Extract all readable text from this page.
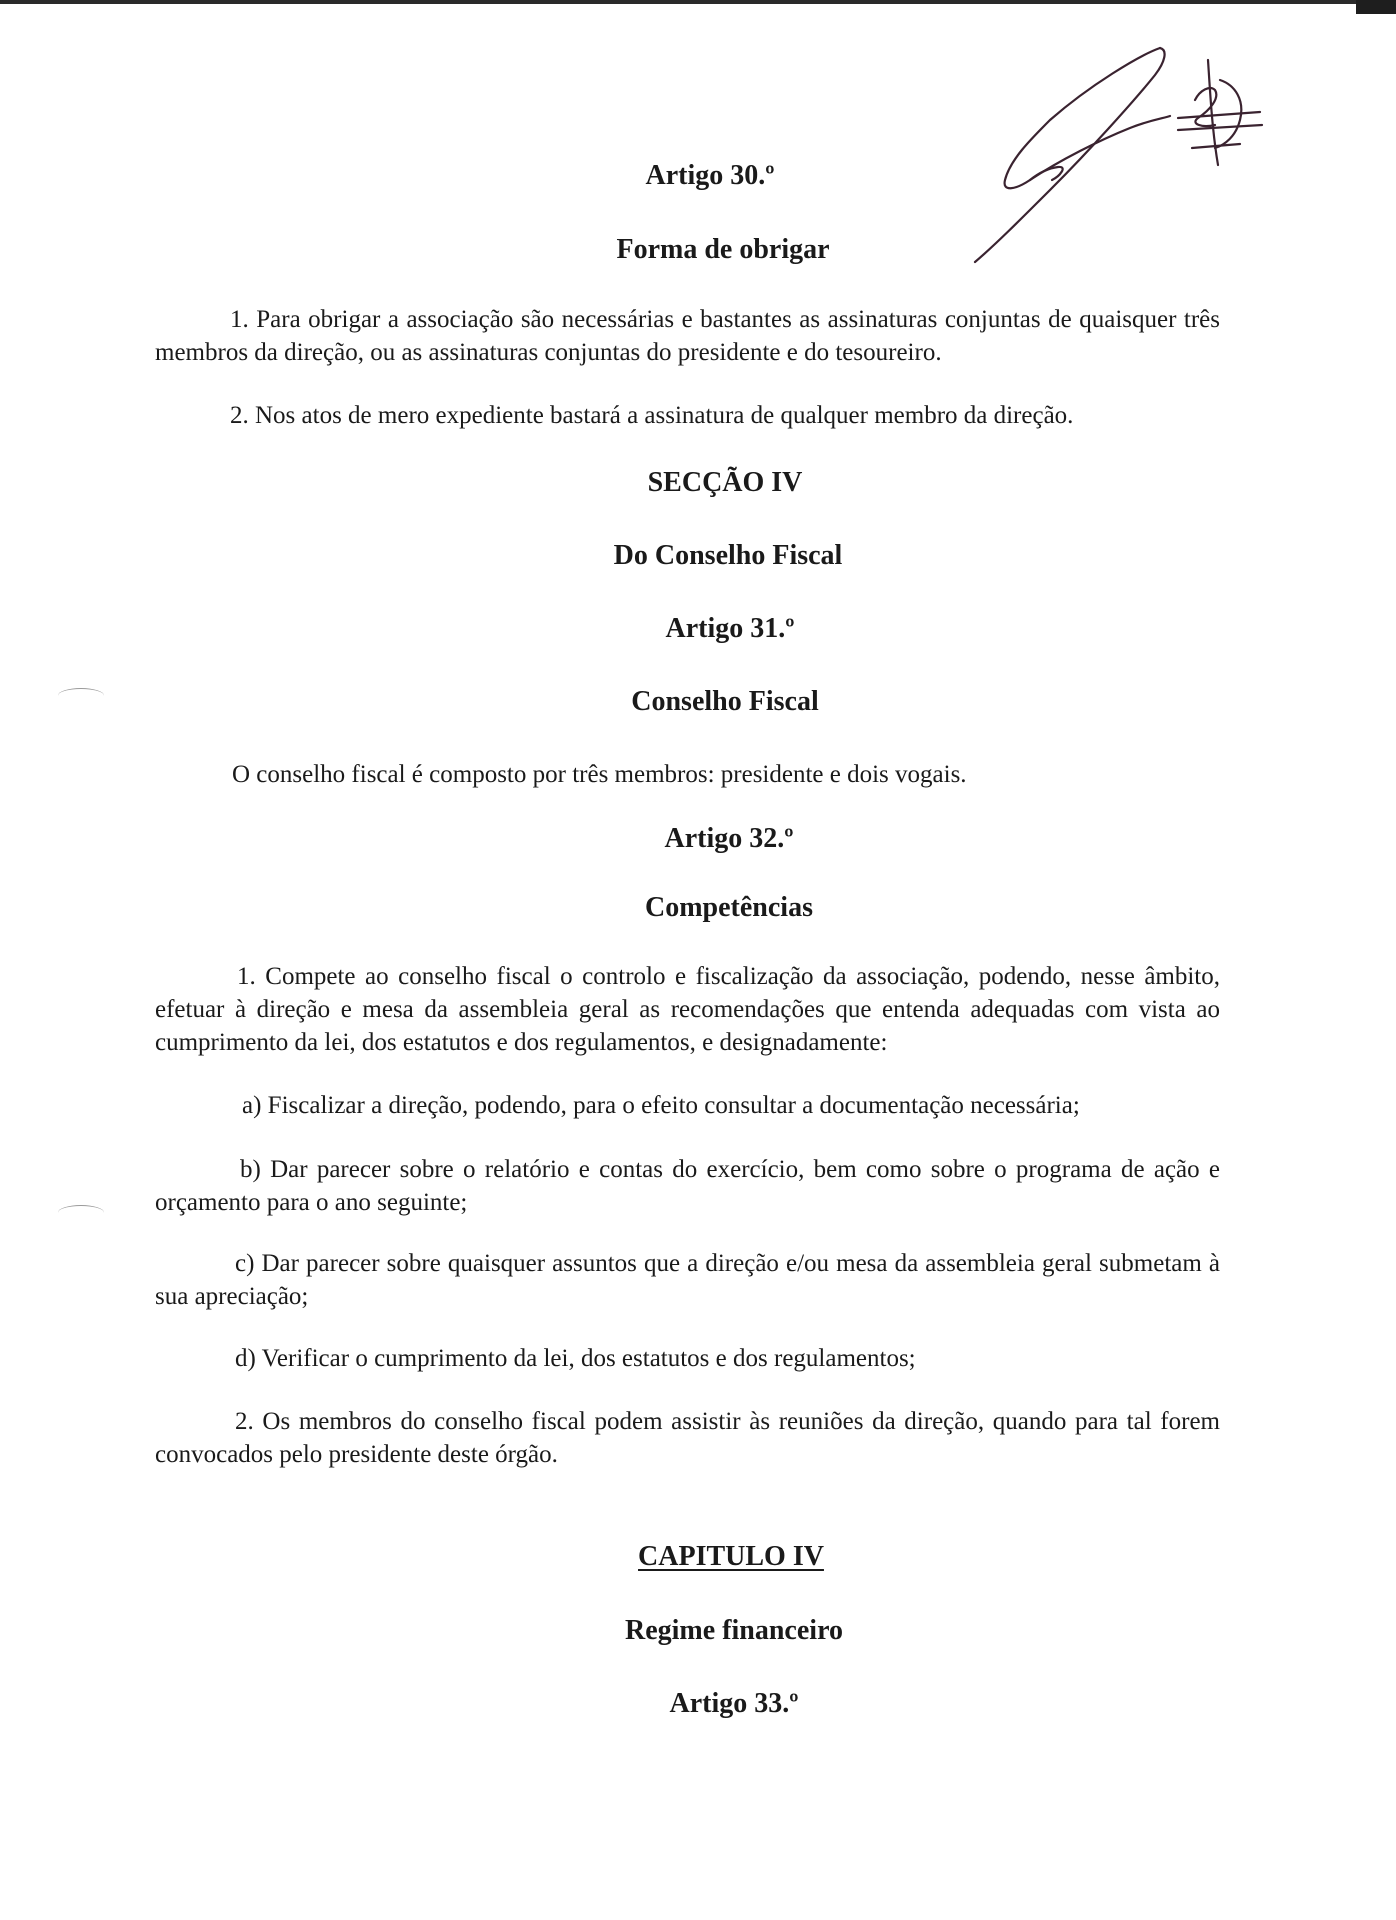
Artigo 30.º
Forma de obrigar

1. Para obrigar a associação são necessárias e bastantes as assinaturas conjuntas de quaisquer três membros da direção, ou as assinaturas conjuntas do presidente e do tesoureiro.

2. Nos atos de mero expediente bastará a assinatura de qualquer membro da direção.

SECÇÃO IV
Do Conselho Fiscal
Artigo 31.º
Conselho Fiscal

O conselho fiscal é composto por três membros: presidente e dois vogais.

Artigo 32.º
Competências

1. Compete ao conselho fiscal o controlo e fiscalização da associação, podendo, nesse âmbito, efetuar à direção e mesa da assembleia geral as recomendações que entenda adequadas com vista ao cumprimento da lei, dos estatutos e dos regulamentos, e designadamente:

a) Fiscalizar a direção, podendo, para o efeito consultar a documentação necessária;

b) Dar parecer sobre o relatório e contas do exercício, bem como sobre o programa de ação e orçamento para o ano seguinte;

c) Dar parecer sobre quaisquer assuntos que a direção e/ou mesa da assembleia geral submetam à sua apreciação;

d) Verificar o cumprimento da lei, dos estatutos e dos regulamentos;

2. Os membros do conselho fiscal podem assistir às reuniões da direção, quando para tal forem convocados pelo presidente deste órgão.

CAPITULO IV
Regime financeiro
Artigo 33.º
